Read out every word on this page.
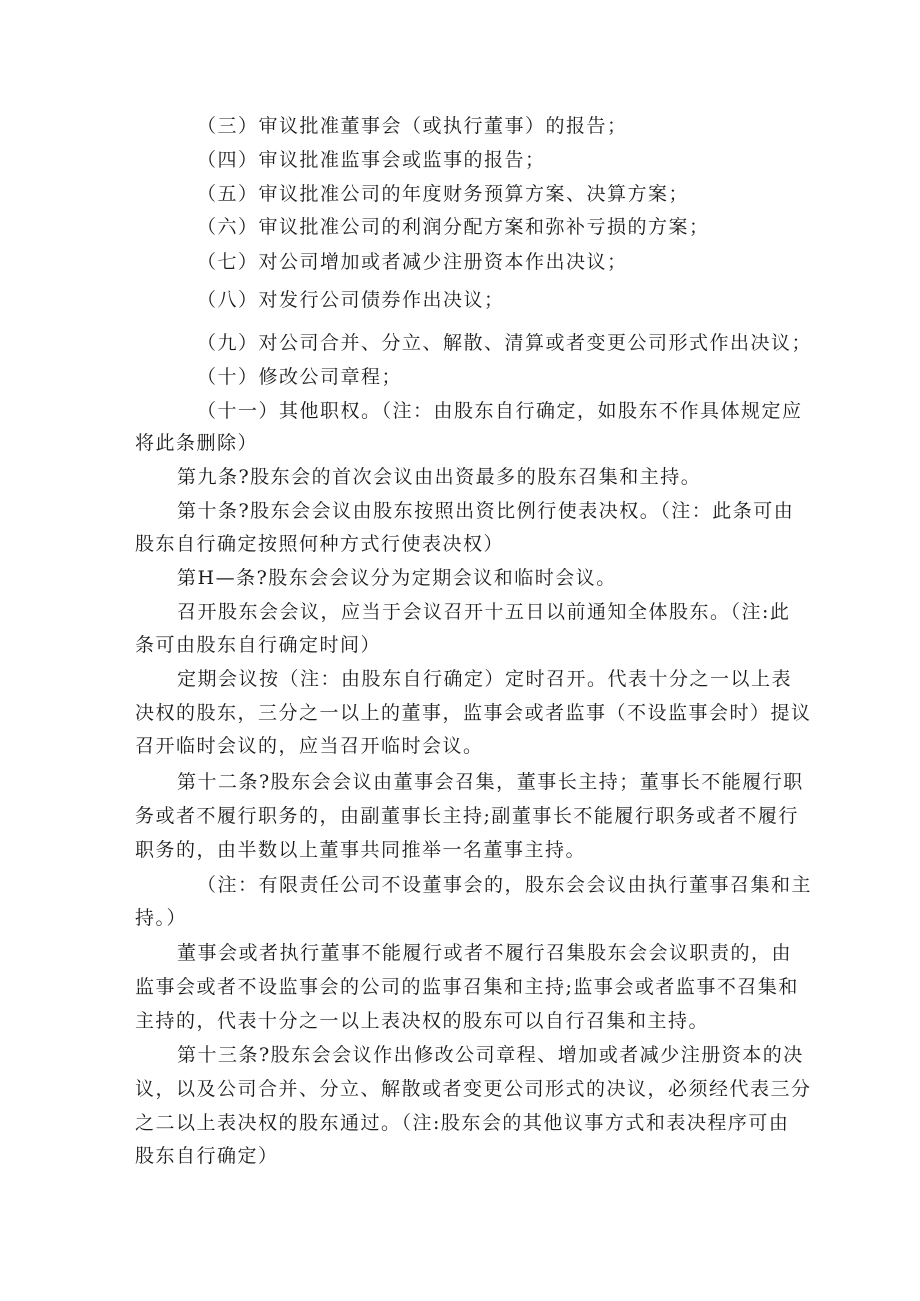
（三）审议批准董事会（或执行董事）的报告；
（四）审议批准监事会或监事的报告；
（五）审议批准公司的年度财务预算方案、决算方案；
（六）审议批准公司的利润分配方案和弥补亏损的方案；
（七）对公司增加或者减少注册资本作出决议；
（八）对发行公司债券作出决议；
（九）对公司合并、分立、解散、清算或者变更公司形式作出决议；
（十）修改公司章程；
（十一）其他职权。（注：由股东自行确定，如股东不作具体规定应
将此条删除）
第九条?股东会的首次会议由出资最多的股东召集和主持。
第十条?股东会会议由股东按照出资比例行使表决权。（注：此条可由
股东自行确定按照何种方式行使表决权）
第H—条?股东会会议分为定期会议和临时会议。
召开股东会会议，应当于会议召开十五日以前通知全体股东。（注:此
条可由股东自行确定时间）
定期会议按（注：由股东自行确定）定时召开。代表十分之一以上表
决权的股东，三分之一以上的董事，监事会或者监事（不设监事会时）提议
召开临时会议的，应当召开临时会议。
第十二条?股东会会议由董事会召集，董事长主持；董事长不能履行职
务或者不履行职务的，由副董事长主持;副董事长不能履行职务或者不履行
职务的，由半数以上董事共同推举一名董事主持。
（注：有限责任公司不设董事会的，股东会会议由执行董事召集和主
持。）
董事会或者执行董事不能履行或者不履行召集股东会会议职责的，由
监事会或者不设监事会的公司的监事召集和主持;监事会或者监事不召集和
主持的，代表十分之一以上表决权的股东可以自行召集和主持。
第十三条?股东会会议作出修改公司章程、增加或者减少注册资本的决
议，以及公司合并、分立、解散或者变更公司形式的决议，必须经代表三分
之二以上表决权的股东通过。（注:股东会的其他议事方式和表决程序可由
股东自行确定）
